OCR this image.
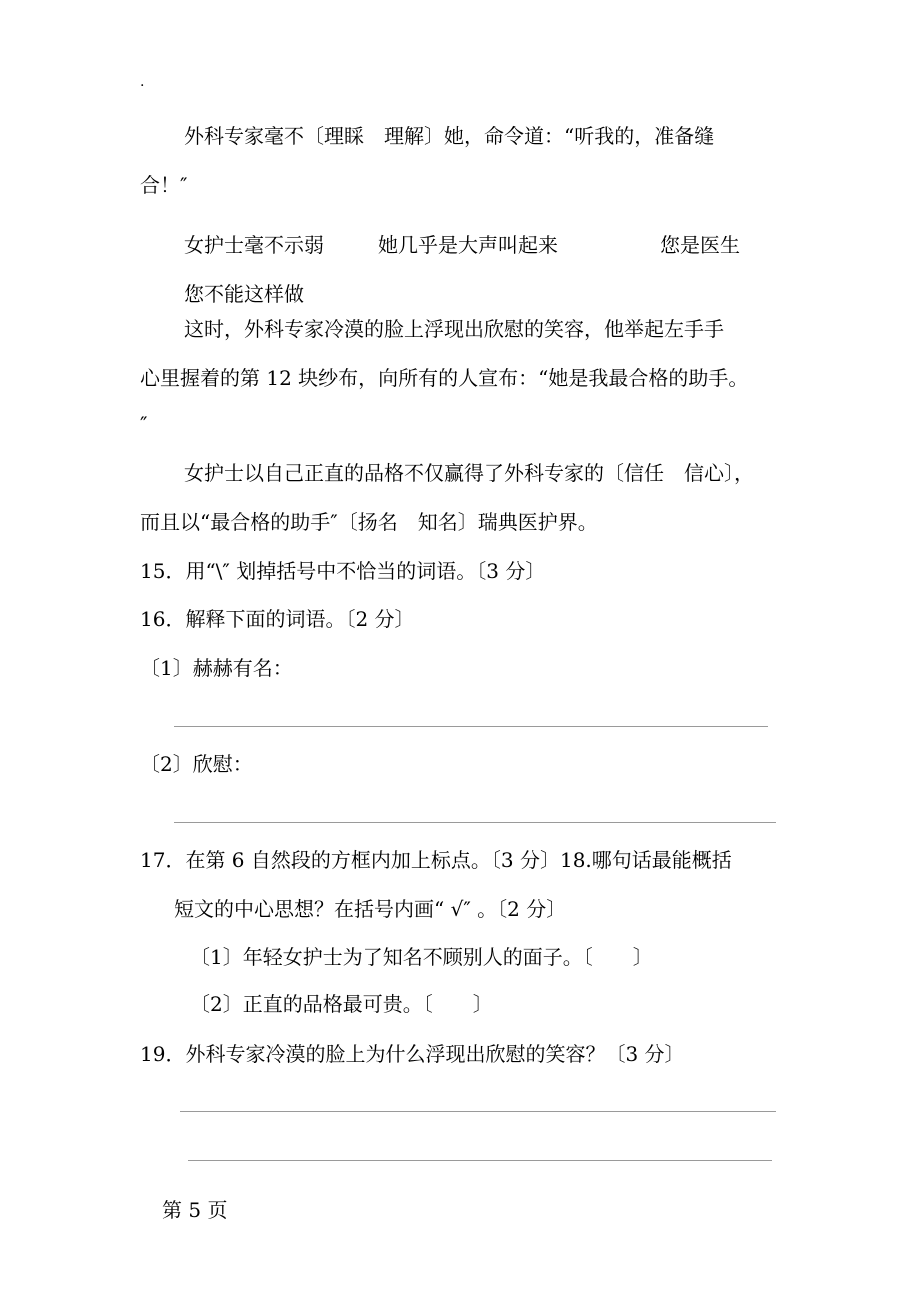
.

外科专家毫不〔理睬　理解〕她，命令道：“听我的，准备缝

合！″

女护士毫不示弱	她几乎是大声叫起来	您是医生

您不能这样做

这时，外科专家冷漠的脸上浮现出欣慰的笑容，他举起左手手

心里握着的第 12 块纱布，向所有的人宣布：“她是我最合格的助手。

″

女护士以自己正直的品格不仅赢得了外科专家的〔信任　信心〕，

而且以“最合格的助手″〔扬名　知名〕瑞典医护界。

15．用“\″ 划掉括号中不恰当的词语。〔3 分〕

16．解释下面的词语。〔2 分〕

〔1〕赫赫有名：

〔2〕欣慰：

17．在第 6 自然段的方框内加上标点。〔3 分〕18.哪句话最能概括

短文的中心思想？在括号内画“ √″ 。〔2 分〕

〔1〕年轻女护士为了知名不顾别人的面子。〔　　〕

〔2〕正直的品格最可贵。〔　　〕

19．外科专家冷漠的脸上为什么浮现出欣慰的笑容？〔3 分〕

第 5 页
